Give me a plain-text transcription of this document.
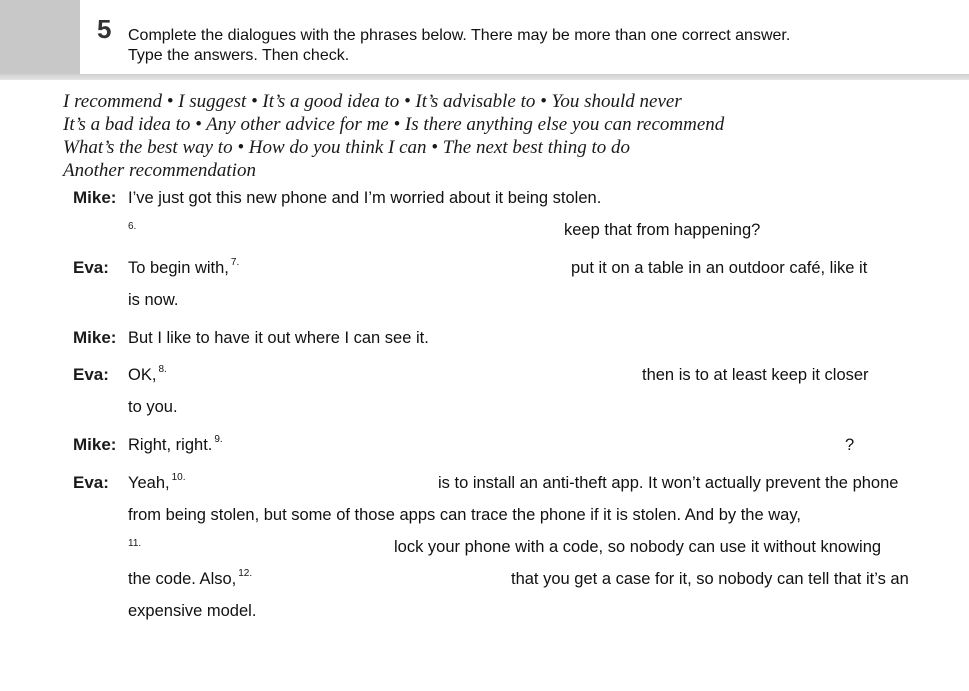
5 Complete the dialogues with the phrases below. There may be more than one correct answer.
Type the answers. Then check.
I recommend • I suggest • It’s a good idea to • It’s advisable to • You should never
It’s a bad idea to • Any other advice for me • Is there anything else you can recommend
What’s the best way to • How do you think I can • The next best thing to do
Another recommendation
Mike: I’ve just got this new phone and I’m worried about it being stolen.
6.	keep that from happening?
Eva: To begin with, $^{7.}$	put it on a table in an outdoor café, like it
is now.
Mike: But I like to have it out where I can see it.
Eva: OK, $^{8.}$	then is to at least keep it closer
to you.
Mike: Right, right. $^{9.}$	?
Eva: Yeah, $^{10.}$	is to install an anti-theft app. It won’t actually prevent the phone
from being stolen, but some of those apps can trace the phone if it is stolen. And by the way,
11.	lock your phone with a code, so nobody can use it without knowing
the code. Also, $^{12.}$	that you get a case for it, so nobody can tell that it’s an
expensive model.
